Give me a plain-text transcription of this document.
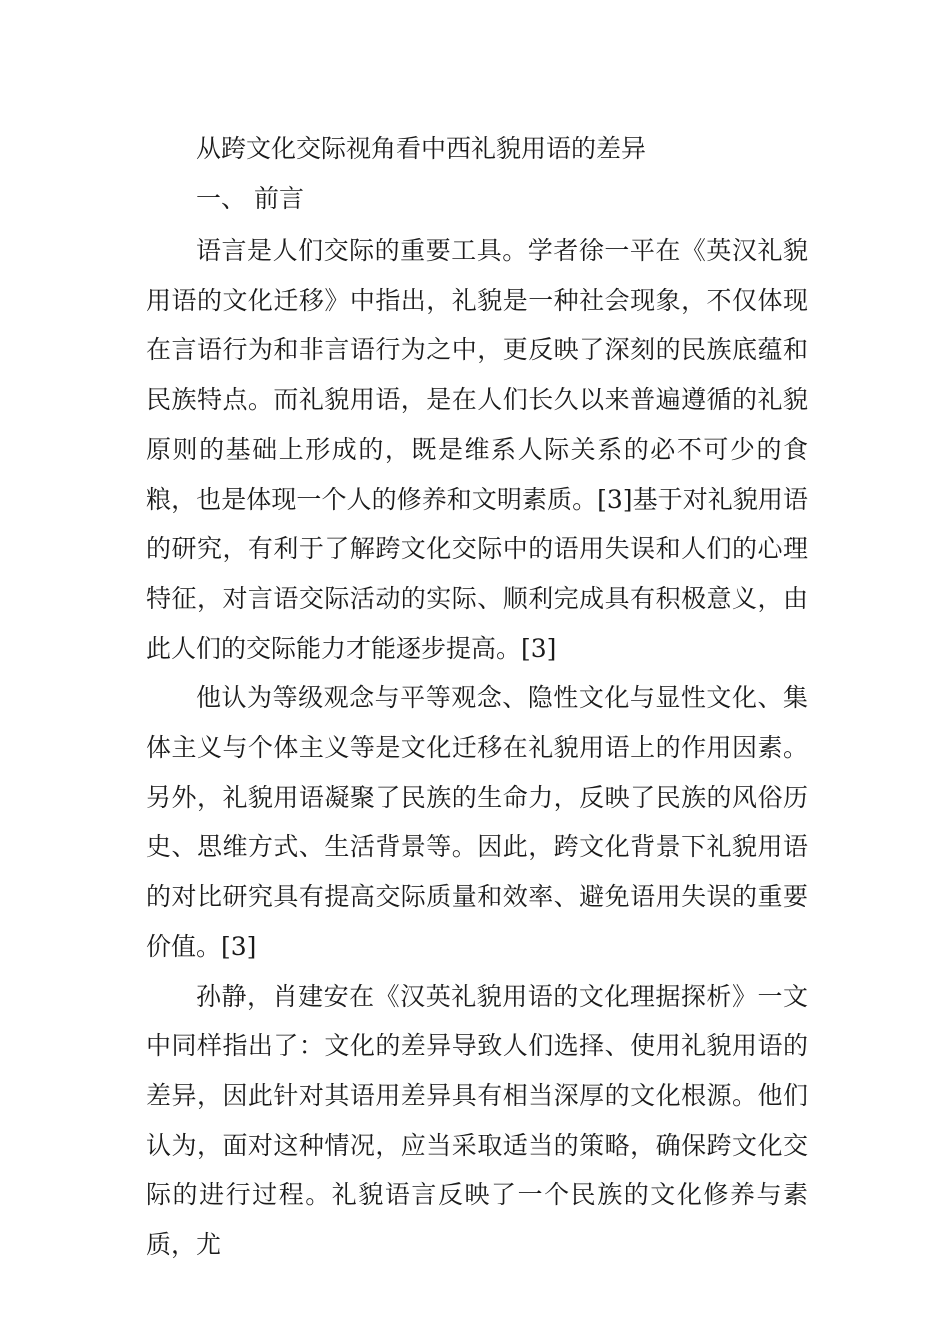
从跨文化交际视角看中西礼貌用语的差异
一、 前言

语言是人们交际的重要工具。学者徐一平在《英汉礼貌用语的文化迁移》中指出，礼貌是一种社会现象，不仅体现在言语行为和非言语行为之中，更反映了深刻的民族底蕴和民族特点。而礼貌用语，是在人们长久以来普遍遵循的礼貌原则的基础上形成的，既是维系人际关系的必不可少的食粮，也是体现一个人的修养和文明素质。[3]基于对礼貌用语的研究，有利于了解跨文化交际中的语用失误和人们的心理特征，对言语交际活动的实际、顺利完成具有积极意义，由此人们的交际能力才能逐步提高。[3]

他认为等级观念与平等观念、隐性文化与显性文化、集体主义与个体主义等是文化迁移在礼貌用语上的作用因素。另外，礼貌用语凝聚了民族的生命力，反映了民族的风俗历史、思维方式、生活背景等。因此，跨文化背景下礼貌用语的对比研究具有提高交际质量和效率、避免语用失误的重要价值。[3]

孙静，肖建安在《汉英礼貌用语的文化理据探析》一文中同样指出了：文化的差异导致人们选择、使用礼貌用语的差异，因此针对其语用差异具有相当深厚的文化根源。他们认为，面对这种情况，应当采取适当的策略，确保跨文化交际的进行过程。礼貌语言反映了一个民族的文化修养与素质，尤
